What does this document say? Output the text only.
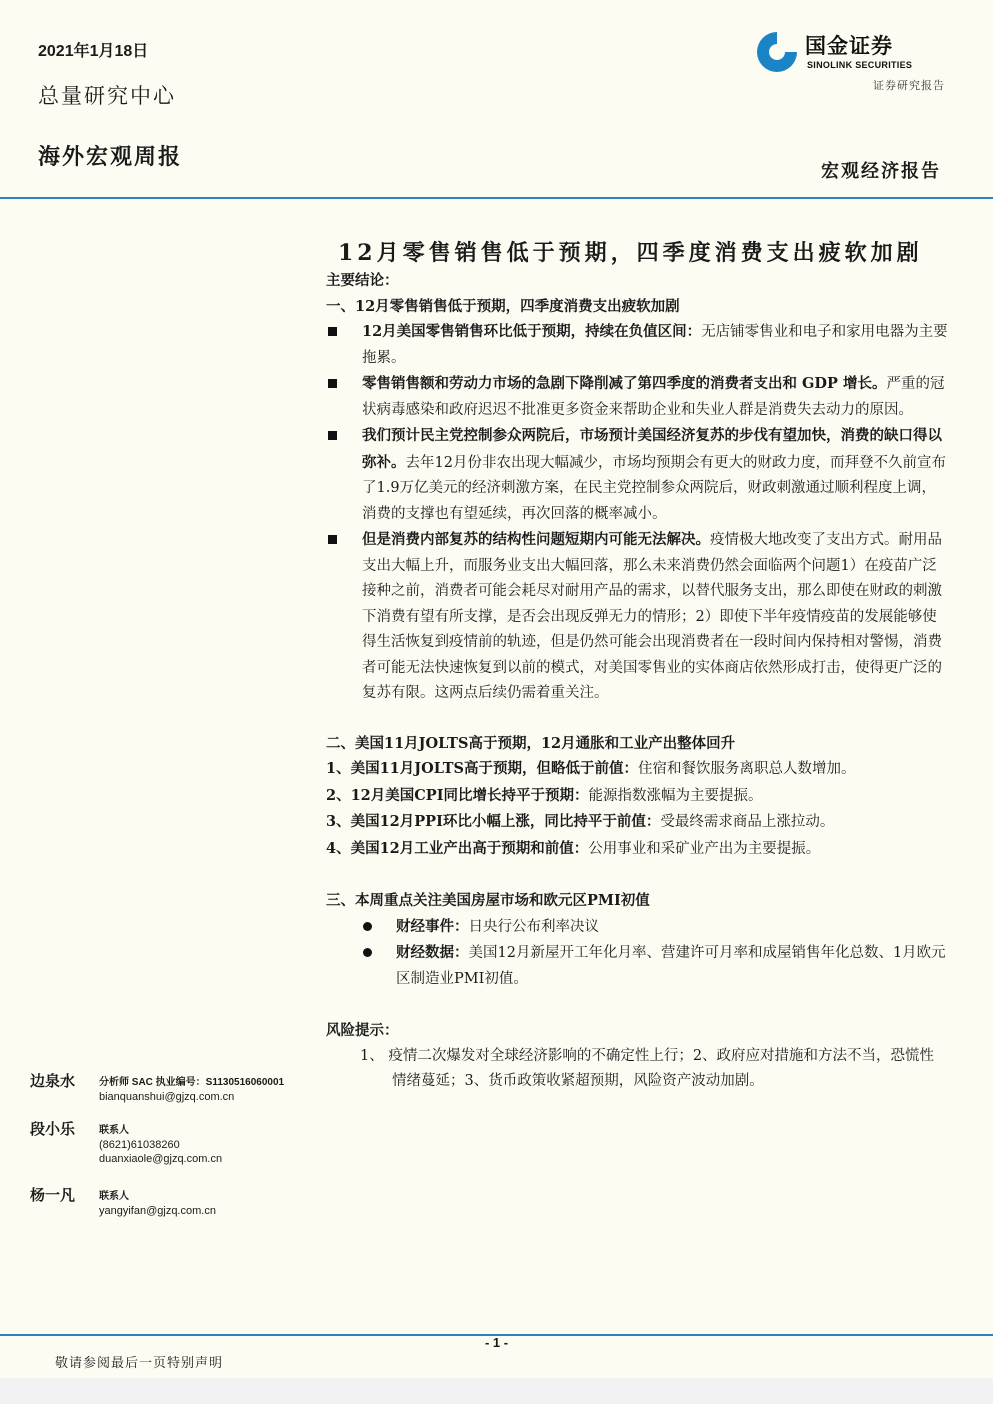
2021年1月18日
总量研究中心
海外宏观周报
国金证券
SINOLINK SECURITIES
证券研究报告
宏观经济报告
12月零售销售低于预期，四季度消费支出疲软加剧

主要结论：

一、12月零售销售低于预期，四季度消费支出疲软加剧

12月美国零售销售环比低于预期，持续在负值区间：无店铺零售业和电子和家用电器为主要拖累。

零售销售额和劳动力市场的急剧下降削减了第四季度的消费者支出和 GDP 增长。严重的冠状病毒感染和政府迟迟不批准更多资金来帮助企业和失业人群是消费失去动力的原因。

我们预计民主党控制参众两院后，市场预计美国经济复苏的步伐有望加快，消费的缺口得以弥补。去年12月份非农出现大幅减少，市场均预期会有更大的财政力度，而拜登不久前宣布了1.9万亿美元的经济刺激方案，在民主党控制参众两院后，财政刺激通过顺利程度上调，消费的支撑也有望延续，再次回落的概率减小。

但是消费内部复苏的结构性问题短期内可能无法解决。疫情极大地改变了支出方式。耐用品支出大幅上升，而服务业支出大幅回落，那么未来消费仍然会面临两个问题1）在疫苗广泛接种之前，消费者可能会耗尽对耐用产品的需求，以替代服务支出，那么即使在财政的刺激下消费有望有所支撑，是否会出现反弹无力的情形；2）即使下半年疫情疫苗的发展能够使得生活恢复到疫情前的轨迹，但是仍然可能会出现消费者在一段时间内保持相对警惕，消费者可能无法快速恢复到以前的模式，对美国零售业的实体商店依然形成打击，使得更广泛的复苏有限。这两点后续仍需着重关注。

二、美国11月JOLTS高于预期，12月通胀和工业产出整体回升

1、美国11月JOLTS高于预期，但略低于前值：住宿和餐饮服务离职总人数增加。

2、12月美国CPI同比增长持平于预期：能源指数涨幅为主要提振。

3、美国12月PPI环比小幅上涨，同比持平于前值：受最终需求商品上涨拉动。

4、美国12月工业产出高于预期和前值：公用事业和采矿业产出为主要提振。

三、本周重点关注美国房屋市场和欧元区PMI初值

财经事件：日央行公布利率决议

财经数据：美国12月新屋开工年化月率、营建许可月率和成屋销售年化总数、1月欧元区制造业PMI初值。

风险提示：

1、 疫情二次爆发对全球经济影响的不确定性上行；2、政府应对措施和方法不当，恐慌性情绪蔓延；3、货币政策收紧超预期，风险资产波动加剧。

边泉水 分析师 SAC 执业编号：S1130516060001
bianquanshui@gjzq.com.cn
段小乐 联系人
(8621)61038260
duanxiaole@gjzq.com.cn
杨一凡 联系人
yangyifan@gjzq.com.cn
- 1 -
敬请参阅最后一页特别声明
